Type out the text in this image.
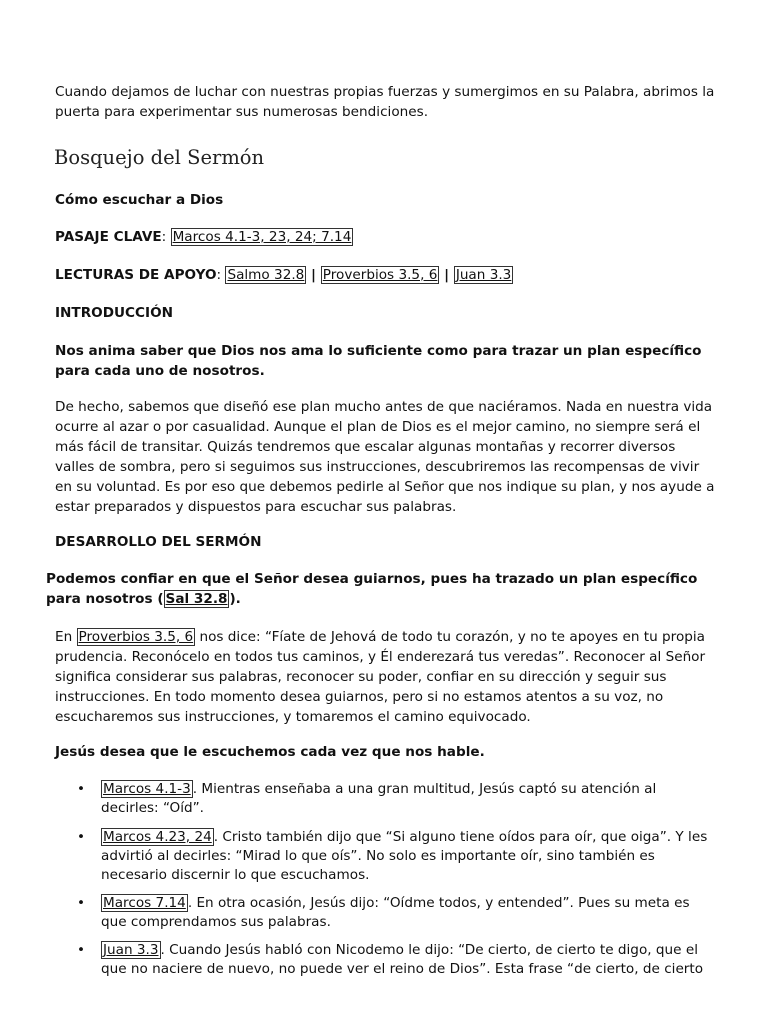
Cuando dejamos de luchar con nuestras propias fuerzas y sumergimos en su Palabra, abrimos la puerta para experimentar sus numerosas bendiciones.

Bosquejo del Sermón

Cómo escuchar a Dios

PASAJE CLAVE: Marcos 4.1-3, 23, 24; 7.14

LECTURAS DE APOYO: Salmo 32.8 | Proverbios 3.5, 6 | Juan 3.3

INTRODUCCIÓN

Nos anima saber que Dios nos ama lo suficiente como para trazar un plan específico para cada uno de nosotros.

De hecho, sabemos que diseñó ese plan mucho antes de que naciéramos. Nada en nuestra vida ocurre al azar o por casualidad. Aunque el plan de Dios es el mejor camino, no siempre será el más fácil de transitar. Quizás tendremos que escalar algunas montañas y recorrer diversos valles de sombra, pero si seguimos sus instrucciones, descubriremos las recompensas de vivir en su voluntad. Es por eso que debemos pedirle al Señor que nos indique su plan, y nos ayude a estar preparados y dispuestos para escuchar sus palabras.

DESARROLLO DEL SERMÓN

Podemos confiar en que el Señor desea guiarnos, pues ha trazado un plan específico para nosotros ( Sal 32.8 ).

En Proverbios 3.5, 6 nos dice: “Fíate de Jehová de todo tu corazón, y no te apoyes en tu propia prudencia. Reconócelo en todos tus caminos, y Él enderezará tus veredas”. Reconocer al Señor significa considerar sus palabras, reconocer su poder, confiar en su dirección y seguir sus instrucciones. En todo momento desea guiarnos, pero si no estamos atentos a su voz, no escucharemos sus instrucciones, y tomaremos el camino equivocado.

Jesús desea que le escuchemos cada vez que nos hable.

• Marcos 4.1-3 . Mientras enseñaba a una gran multitud, Jesús captó su atención al decirles: “Oíd”.
• Marcos 4.23, 24 . Cristo también dijo que “Si alguno tiene oídos para oír, que oiga”. Y les advirtió al decirles: “Mirad lo que oís”. No solo es importante oír, sino también es necesario discernir lo que escuchamos.
• Marcos 7.14 . En otra ocasión, Jesús dijo: “Oídme todos, y entended”. Pues su meta es que comprendamos sus palabras.
• Juan 3.3 . Cuando Jesús habló con Nicodemo le dijo: “De cierto, de cierto te digo, que el que no naciere de nuevo, no puede ver el reino de Dios”. Esta frase “de cierto, de cierto
